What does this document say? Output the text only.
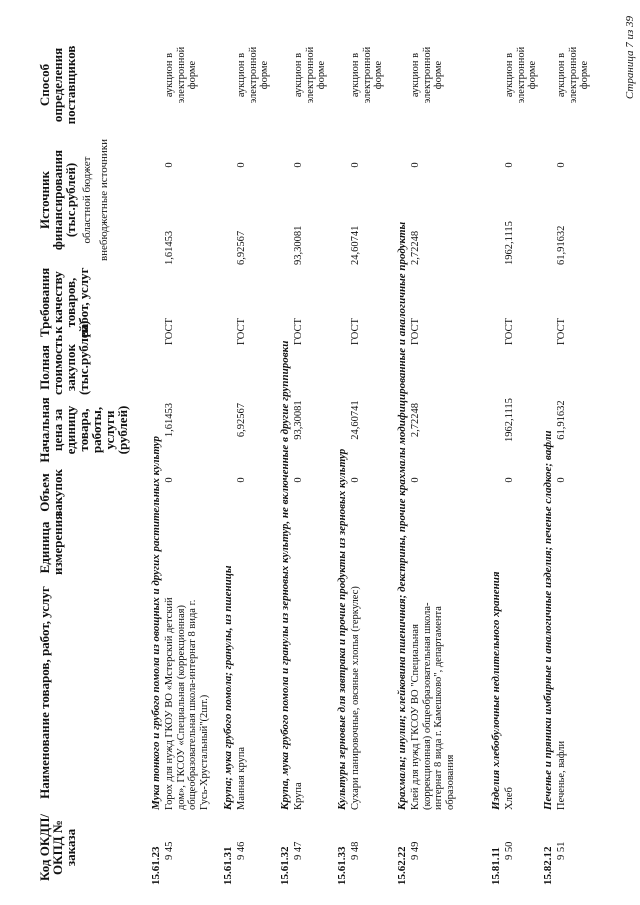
Код ОКДП/ ОКПД № заказа
Наименование товаров, работ, услуг
Единица измерения
Объем закупок
Начальная цена за единицу товара, работы, услуги (рублей)
Полная стоимость закупок (тыс.рублей)
Требования к качеству товаров, работ, услуг
Источник финансирования (тыс.рублей) областной бюджет внебюджетные источники
Способ определения поставщиков
15.61.23
Мука тонкого и грубого помола из овощных и других растительных культур
9 45
Горох для нужд ГКОУ ВО «Мстерский детский дом», ГКСОУ «Специальная (коррекционная) общеобразовательная школа-интернат 8 вида г. Гусь-Хрустальный"(2шт.)
0
1,61453
ГОСТ
1,61453
0
аукцион в электронной форме
15.61.31
Крупа; мука грубого помола; гранулы, из пшеницы
9 46
Манная крупа
0
6,92567
ГОСТ
6,92567
0
аукцион в электронной форме
15.61.32
Крупа, мука грубого помола и гранулы из зерновых культур, не включенные в другие группировки
9 47
Крупа
0
93,30081
ГОСТ
93,30081
0
аукцион в электронной форме
15.61.33
Культуры зерновые для завтрака и прочие продукты из зерновых культур
9 48
Сухари панировочные, овсяные хлопья (геркулес)
0
24,60741
ГОСТ
24,60741
0
аукцион в электронной форме
15.62.22
Крахмалы; инулин; клейковина пшеничная; декстрины, прочие крахмалы модифицированные и аналогичные продукты
9 49
Клей для нужд ГКСОУ ВО "Специальная (коррекционная) общеобразовательная школа-интернат 8 вида г. Камешково", департамента образования
0
2,72248
ГОСТ
2,72248
0
аукцион в электронной форме
15.81.11
Изделия хлебобулочные недлительного хранения
9 50
Хлеб
0
1962,1115
ГОСТ
1962,1115
0
аукцион в электронной форме
15.82.12
Печенье и пряники имбирные и аналогичные изделия; печенье сладкое; вафли
9 51
Печенье, вафли
0
61,91632
ГОСТ
61,91632
0
аукцион в электронной форме	Страница 7 из 39
